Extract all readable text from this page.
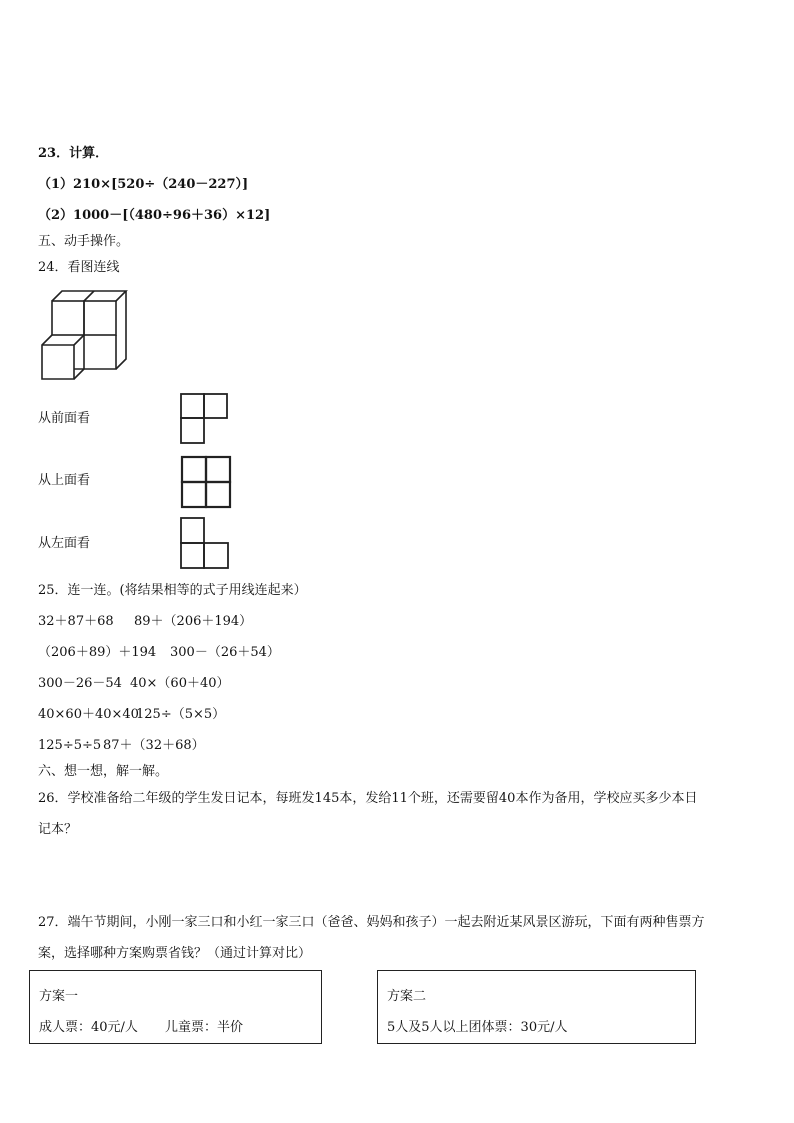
23．计算．
（1）210×[520÷（240－227）]
（2）1000－[（480÷96＋36）×12]
五、动手操作。
24．看图连线
从前面看
从上面看
从左面看
25．连一连。(将结果相等的式子用线连起来）
32＋87＋68 89＋（206＋194）
（206＋89）＋194 300－（26＋54）
300－26－54 40×（60＋40）
40×60＋40×40
125÷（5×5）
125÷5÷5 87＋（32＋68）
六、想一想，解一解。
26．学校准备给二年级的学生发日记本，每班发145本，发给11个班，还需要留40本作为备用，学校应买多少本日
记本？
27．端午节期间，小刚一家三口和小红一家三口（爸爸、妈妈和孩子）一起去附近某风景区游玩，下面有两种售票方
案，选择哪种方案购票省钱？（通过计算对比）
方案一
成人票：40元/人 儿童票：半价
方案二
5人及5人以上团体票：30元/人
